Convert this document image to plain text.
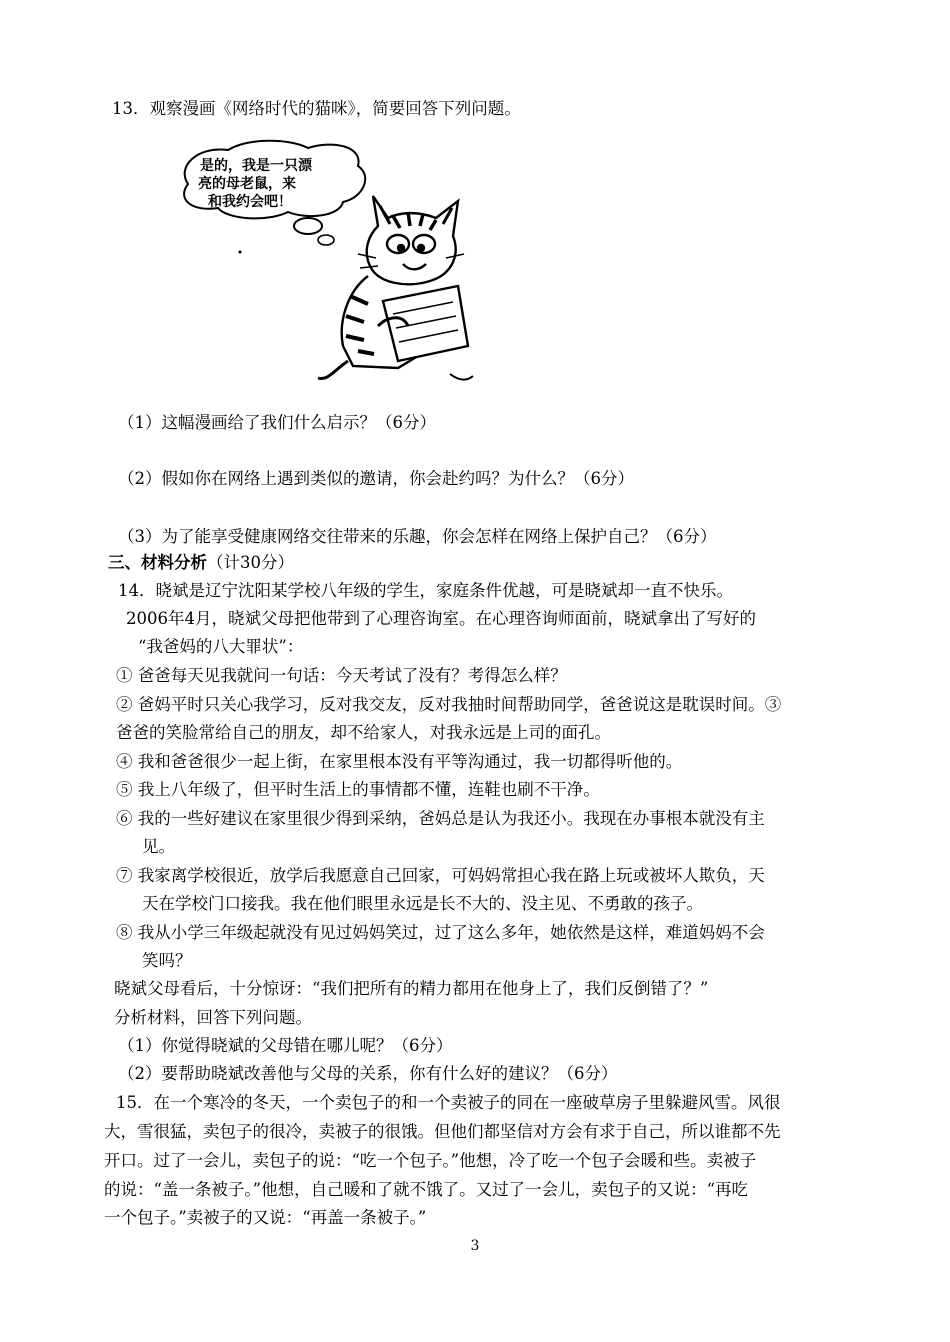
13．观察漫画《网络时代的猫咪》，简要回答下列问题。
是的，我是一只漂
亮的母老鼠，来
和我约会吧！
（1）这幅漫画给了我们什么启示？（6分）
（2）假如你在网络上遇到类似的邀请，你会赴约吗？为什么？（6分）
（3）为了能享受健康网络交往带来的乐趣，你会怎样在网络上保护自己？（6分）
三、材料分析（计30分）
14．晓斌是辽宁沈阳某学校八年级的学生，家庭条件优越，可是晓斌却一直不快乐。
2006年4月，晓斌父母把他带到了心理咨询室。在心理咨询师面前，晓斌拿出了写好的
“我爸妈的八大罪状”：
① 爸爸每天见我就问一句话：今天考试了没有？考得怎么样？
② 爸妈平时只关心我学习，反对我交友，反对我抽时间帮助同学，爸爸说这是耽误时间。③
爸爸的笑脸常给自己的朋友，却不给家人，对我永远是上司的面孔。
④ 我和爸爸很少一起上街，在家里根本没有平等沟通过，我一切都得听他的。
⑤ 我上八年级了，但平时生活上的事情都不懂，连鞋也刷不干净。
⑥ 我的一些好建议在家里很少得到采纳，爸妈总是认为我还小。我现在办事根本就没有主
见。
⑦ 我家离学校很近，放学后我愿意自己回家，可妈妈常担心我在路上玩或被坏人欺负，天
天在学校门口接我。我在他们眼里永远是长不大的、没主见、不勇敢的孩子。
⑧ 我从小学三年级起就没有见过妈妈笑过，过了这么多年，她依然是这样，难道妈妈不会
笑吗？
晓斌父母看后，十分惊讶：“我们把所有的精力都用在他身上了，我们反倒错了？”
分析材料，回答下列问题。
（1）你觉得晓斌的父母错在哪儿呢？（6分）
（2）要帮助晓斌改善他与父母的关系，你有什么好的建议？（6分）
15．在一个寒冷的冬天，一个卖包子的和一个卖被子的同在一座破草房子里躲避风雪。风很
大，雪很猛，卖包子的很冷，卖被子的很饿。但他们都坚信对方会有求于自己，所以谁都不先
开口。过了一会儿，卖包子的说：“吃一个包子。”他想，冷了吃一个包子会暖和些。卖被子
的说：“盖一条被子。”他想，自己暖和了就不饿了。又过了一会儿，卖包子的又说：“再吃
一个包子。”卖被子的又说：“再盖一条被子。”
3
